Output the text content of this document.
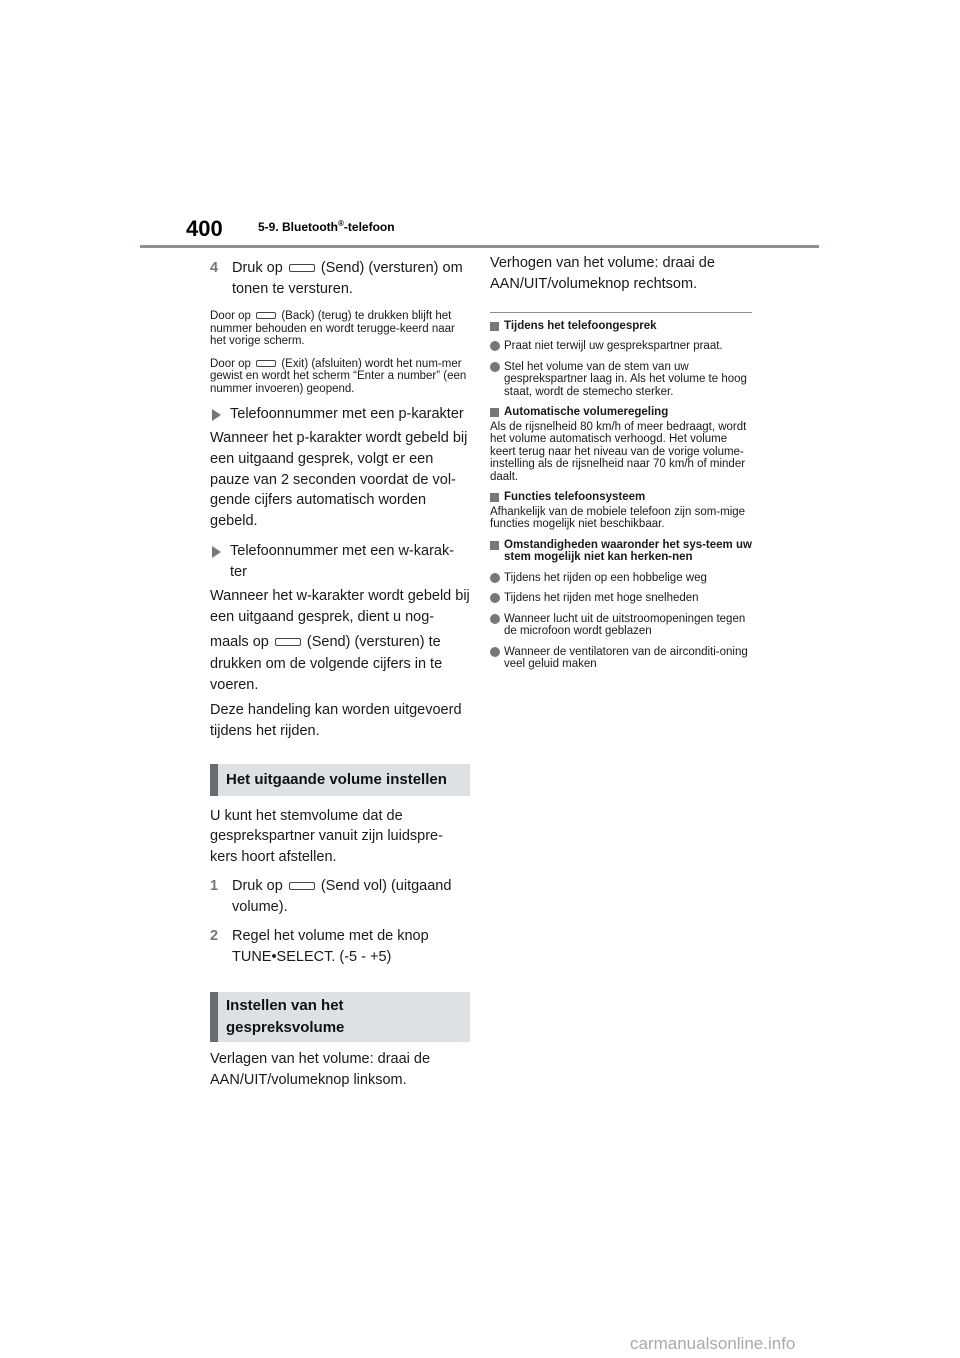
400	5-9. Bluetooth®-telefoon
4 Druk op	(Send) (versturen) om tonen te versturen.
Door op	(Back) (terug) te drukken blijft het nummer behouden en wordt terugge-keerd naar het vorige scherm.
Door op	(Exit) (afsluiten) wordt het num-mer gewist en wordt het scherm “Enter a number” (een nummer invoeren) geopend.
Telefoonnummer met een p-karakter
Wanneer het p-karakter wordt gebeld bij een uitgaand gesprek, volgt er een pauze van 2 seconden voordat de vol-gende cijfers automatisch worden gebeld.
Telefoonnummer met een w-karak-ter
Wanneer het w-karakter wordt gebeld bij een uitgaand gesprek, dient u nog-
maals op	(Send) (versturen) te
drukken om de volgende cijfers in te voeren.
Deze handeling kan worden uitgevoerd tijdens het rijden.
Het uitgaande volume instellen
U kunt het stemvolume dat de gesprekspartner vanuit zijn luidspre-kers hoort afstellen.
1 Druk op	(Send vol) (uitgaand volume).
2 Regel het volume met de knop TUNE•SELECT. (-5 - +5)
Instellen van het gespreksvolume
Verlagen van het volume: draai de AAN/UIT/volumeknop linksom.
Verhogen van het volume: draai de AAN/UIT/volumeknop rechtsom.
Tijdens het telefoongesprek
Praat niet terwijl uw gesprekspartner praat.
Stel het volume van de stem van uw gesprekspartner laag in. Als het volume te hoog staat, wordt de stemecho sterker.
Automatische volumeregeling
Als de rijsnelheid 80 km/h of meer bedraagt, wordt het volume automatisch verhoogd. Het volume keert terug naar het niveau van de vorige volume-instelling als de rijsnelheid naar 70 km/h of minder daalt.
Functies telefoonsysteem
Afhankelijk van de mobiele telefoon zijn som-mige functies mogelijk niet beschikbaar.
Omstandigheden waaronder het sys-teem uw stem mogelijk niet kan herken-nen
Tijdens het rijden op een hobbelige weg
Tijdens het rijden met hoge snelheden
Wanneer lucht uit de uitstroomopeningen tegen de microfoon wordt geblazen
Wanneer de ventilatoren van de airconditi-oning veel geluid maken
carmanualsonline.info
